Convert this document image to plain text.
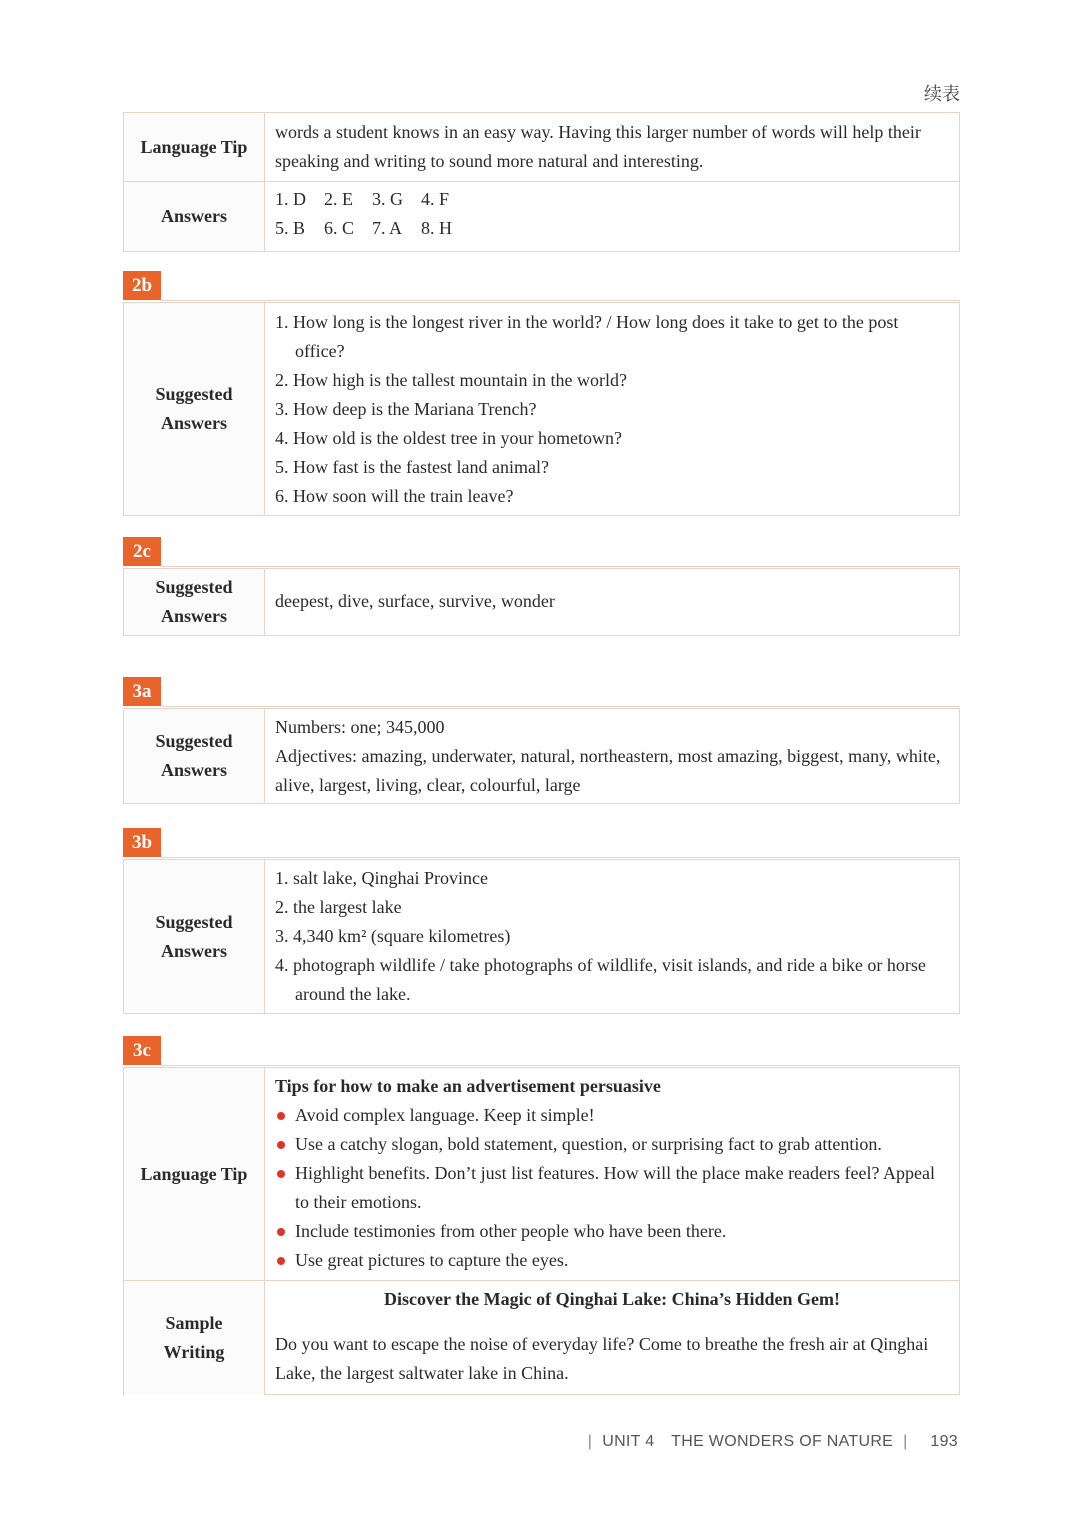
续表
Language Tip
words a student knows in an easy way. Having this larger number of words will help their speaking and writing to sound more natural and interesting.
Answers
1. D 2. E 3. G 4. F
5. B 6. C 7. A 8. H
2b
Suggested Answers
1. How long is the longest river in the world? / How long does it take to get to the post office?
2. How high is the tallest mountain in the world?
3. How deep is the Mariana Trench?
4. How old is the oldest tree in your hometown?
5. How fast is the fastest land animal?
6. How soon will the train leave?
2c
Suggested Answers
deepest, dive, surface, survive, wonder
3a
Suggested Answers
Numbers: one; 345,000
Adjectives: amazing, underwater, natural, northeastern, most amazing, biggest, many, white, alive, largest, living, clear, colourful, large
3b
Suggested Answers
1. salt lake, Qinghai Province
2. the largest lake
3. 4,340 km² (square kilometres)
4. photograph wildlife / take photographs of wildlife, visit islands, and ride a bike or horse around the lake.
3c
Language Tip
Tips for how to make an advertisement persuasive
Avoid complex language. Keep it simple!
Use a catchy slogan, bold statement, question, or surprising fact to grab attention.
Highlight benefits. Don’t just list features. How will the place make readers feel? Appeal to their emotions.
Include testimonies from other people who have been there.
Use great pictures to capture the eyes.
Sample Writing
Discover the Magic of Qinghai Lake: China’s Hidden Gem!
Do you want to escape the noise of everyday life? Come to breathe the fresh air at Qinghai Lake, the largest saltwater lake in China.
| UNIT 4 THE WONDERS OF NATURE | 193
